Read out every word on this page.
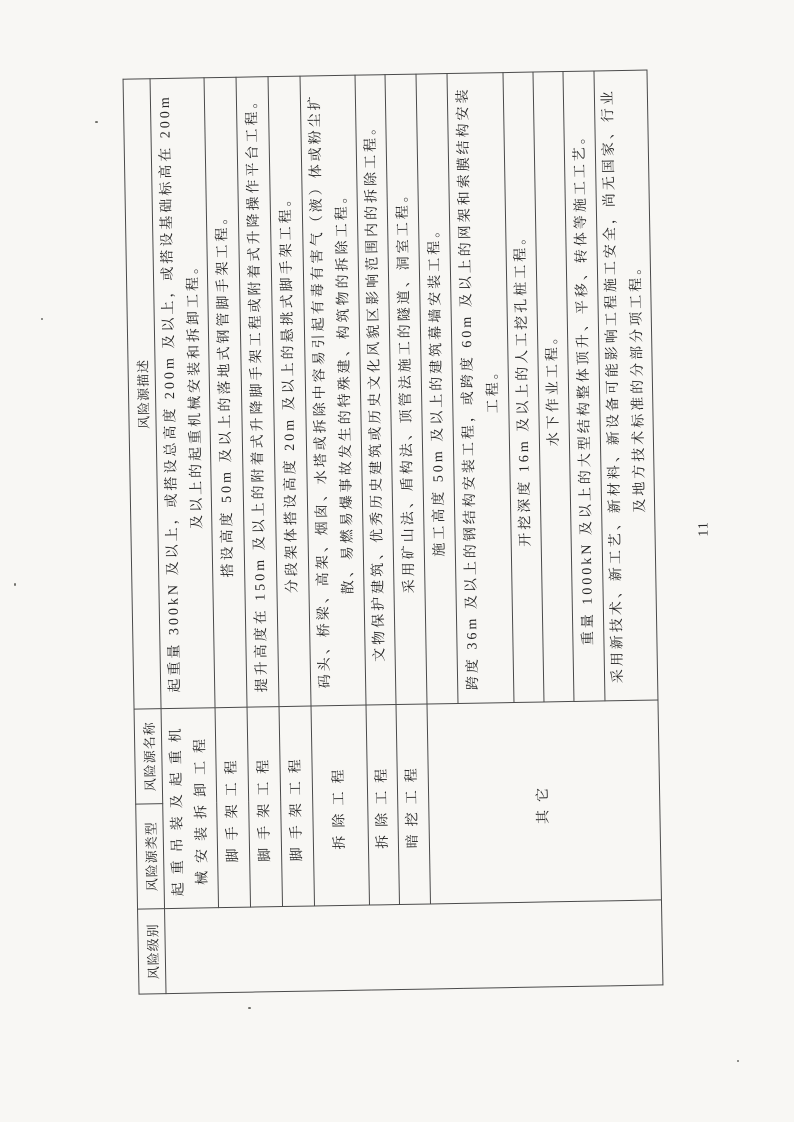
风险级别	风险源类型	风险源名称	风险源描述
	起重吊装及起重机械安装拆卸工程		起重量 300kN 及以上，或搭设总高度 200m 及以上，或搭设基础标高在 200m 及以上的起重机械安装和拆卸工程。
	脚手架工程		搭设高度 50m 及以上的落地式钢管脚手架工程。
	脚手架工程		提升高度在 150m 及以上的附着式升降脚手架工程或附着式升降操作平台工程。
	脚手架工程		分段架体搭设高度 20m 及以上的悬挑式脚手架工程。
	拆除工程		码头、桥梁、高架、烟囱、水塔或拆除中容易引起有毒有害气（液）体或粉尘扩散、易燃易爆事故发生的特殊建、构筑物的拆除工程。
	拆除工程		文物保护建筑、优秀历史建筑或历史文化风貌区影响范围内的拆除工程。
	暗挖工程		采用矿山法、盾构法、顶管法施工的隧道、洞室工程。
	其它		施工高度 50m 及以上的建筑幕墙安装工程。
			跨度 36m 及以上的钢结构安装工程，或跨度 60m 及以上的网架和索膜结构安装工程。
			开挖深度 16m 及以上的人工挖孔桩工程。
			水下作业工程。
			重量 1000kN 及以上的大型结构整体顶升、平移、转体等施工工艺。
			采用新技术、新工艺、新材料、新设备可能影响工程施工安全，尚无国家、行业及地方技术标准的分部分项工程。
11
